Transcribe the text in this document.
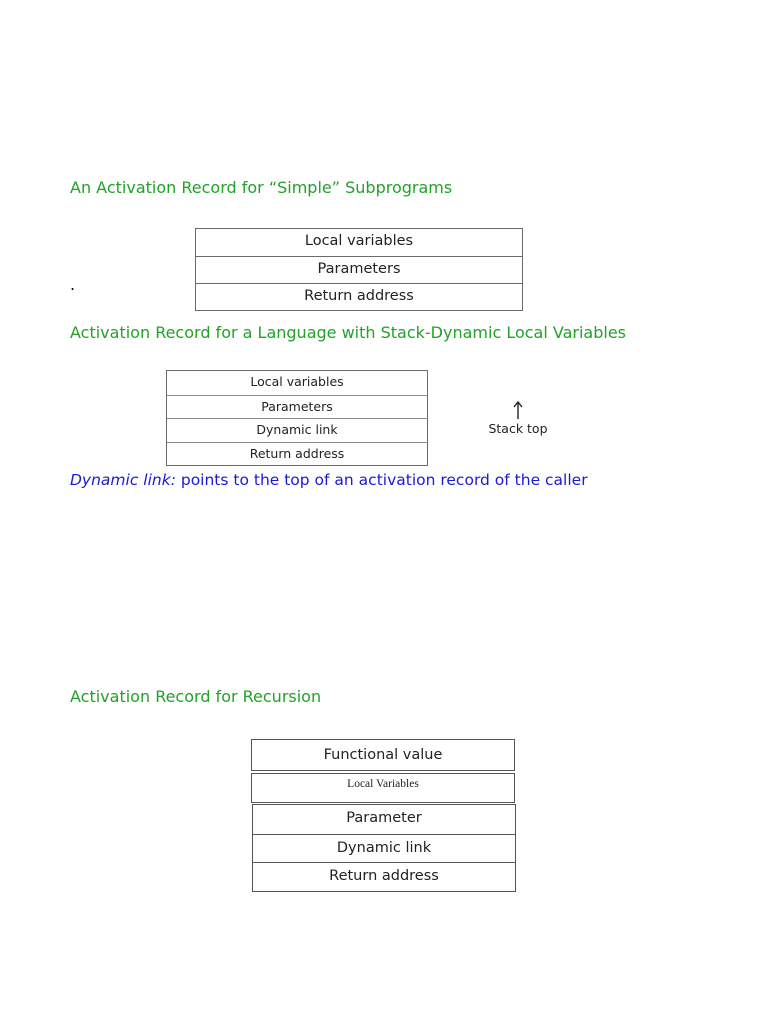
An Activation Record for “Simple” Subprograms
Local variables
Parameters
Return address
.
Activation Record for a Language with Stack-Dynamic Local Variables
Local variables
Parameters
Dynamic link
Return address
Stack top
Dynamic link: points to the top of an activation record of the caller
Activation Record for Recursion
Functional value
Local Variables
Parameter
Dynamic link
Return address
